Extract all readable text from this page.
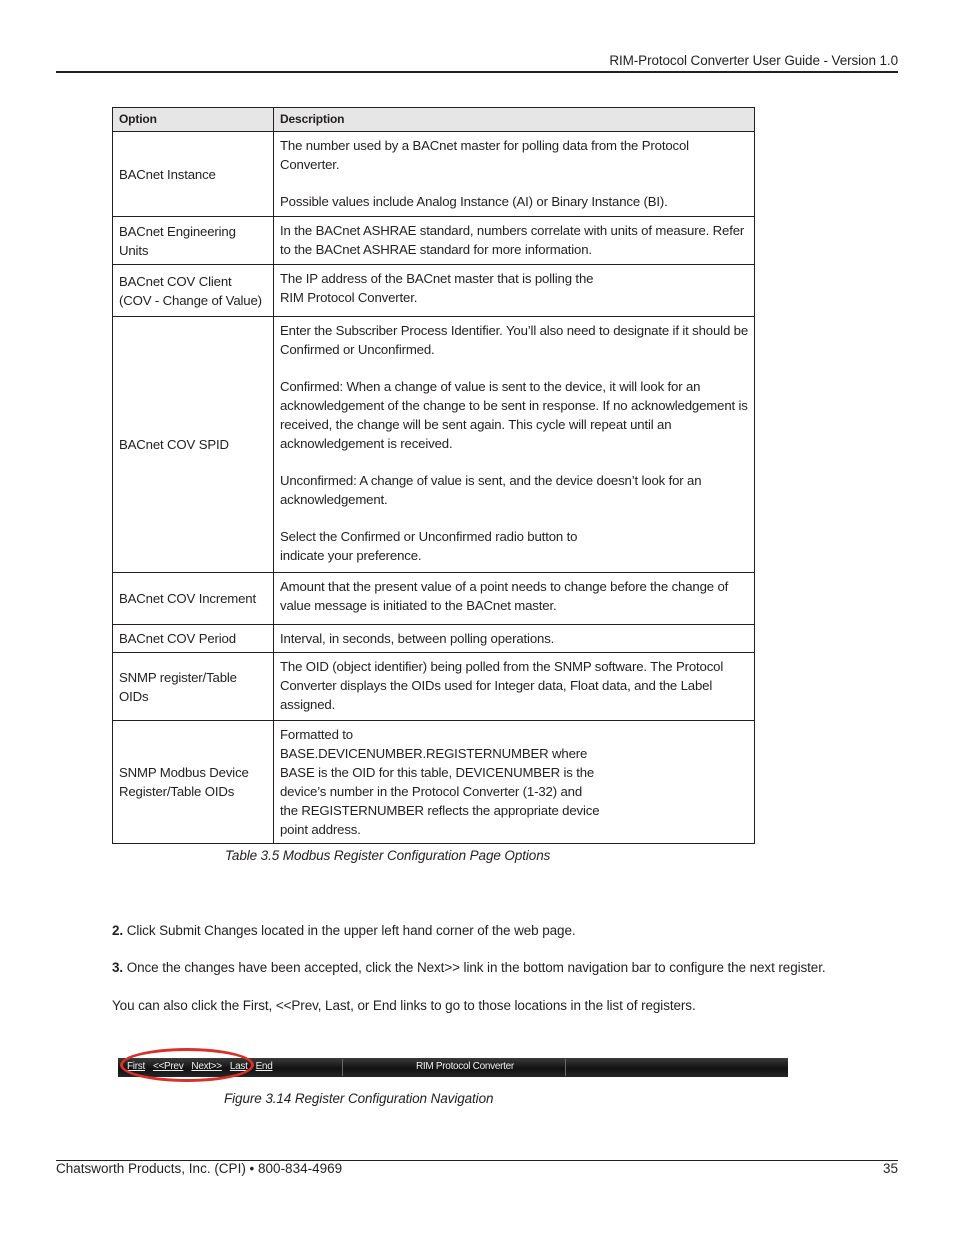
RIM-Protocol Converter User Guide - Version 1.0
Option	Description

BACnet Instance	The number used by a BACnet master for polling data from the Protocol Converter.

Possible values include Analog Instance (AI) or Binary Instance (BI).

BACnet Engineering Units	In the BACnet ASHRAE standard, numbers correlate with units of measure. Refer to the BACnet ASHRAE standard for more information.

BACnet COV Client
(COV - Change of Value)	The IP address of the BACnet master that is polling the RIM Protocol Converter.

BACnet COV SPID	Enter the Subscriber Process Identifier. You’ll also need to designate if it should be Confirmed or Unconfirmed.

Confirmed: When a change of value is sent to the device, it will look for an acknowledgement of the change to be sent in response. If no acknowledgement is received, the change will be sent again. This cycle will repeat until an acknowledgement is received.

Unconfirmed: A change of value is sent, and the device doesn’t look for an acknowledgement.

Select the Confirmed or Unconfirmed radio button to indicate your preference.

BACnet COV Increment	Amount that the present value of a point needs to change before the change of value message is initiated to the BACnet master.

BACnet COV Period	Interval, in seconds, between polling operations.

SNMP register/Table OIDs	The OID (object identifier) being polled from the SNMP software. The Protocol Converter displays the OIDs used for Integer data, Float data, and the Label assigned.

SNMP Modbus Device
Register/Table OIDs	Formatted to BASE.DEVICENUMBER.REGISTERNUMBER where BASE is the OID for this table, DEVICENUMBER is the device’s number in the Protocol Converter (1-32) and the REGISTERNUMBER reflects the appropriate device point address.

Table 3.5 Modbus Register Configuration Page Options
2. Click Submit Changes located in the upper left hand corner of the web page.
3. Once the changes have been accepted, click the Next>> link in the bottom navigation bar to configure the next register.
You can also click the First, <<Prev, Last, or End links to go to those locations in the list of registers.
First <<Prev Next>> Last End	RIM Protocol Converter
Figure 3.14 Register Configuration Navigation
Chatsworth Products, Inc. (CPI) • 800-834-4969	35
